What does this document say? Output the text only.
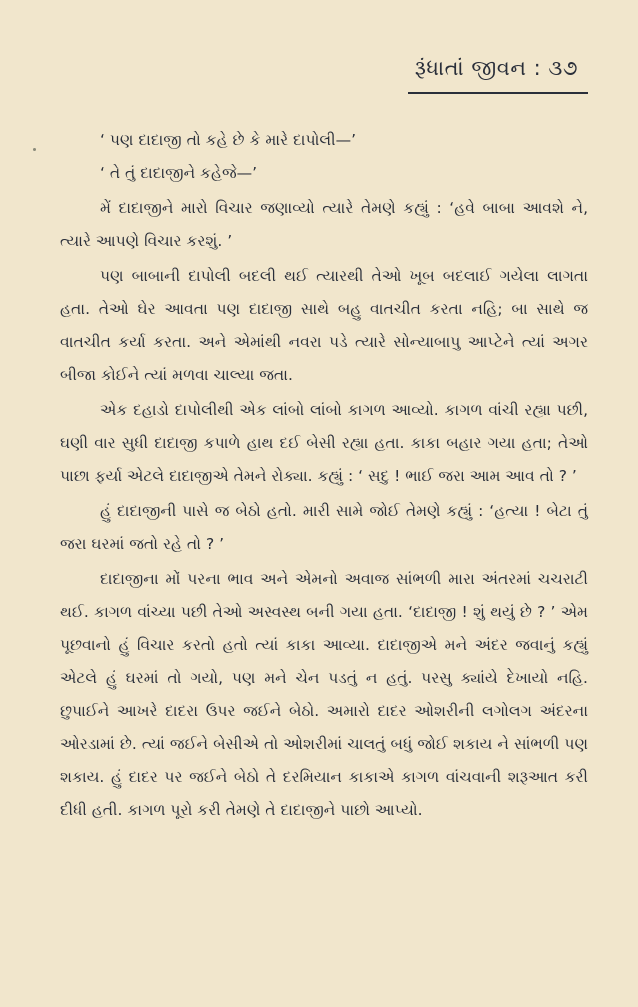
રૂંધાતાં જીવન : ૩૭

‘ પણ દાદાજી તો કહે છે કે મારે દાપોલી—’

‘ તે તું દાદાજીને કહેજે—’

મેં દાદાજીને મારો વિચાર જણાવ્યો ત્યારે તેમણે કહ્યું : ‘હવે બાબા આવશે ને, ત્યારે આપણે વિચાર કરશું. ’

પણ બાબાની દાપોલી બદલી થઈ ત્યારથી તેઓ ખૂબ બદલાઈ ગયેલા લાગતા હતા. તેઓ ઘેર આવતા પણ દાદાજી સાથે બહુ વાતચીત કરતા નહિ; બા સાથે જ વાતચીત કર્યા કરતા. અને એમાંથી નવરા પડે ત્યારે સોન્યાબાપુ આપ્ટેને ત્યાં અગર બીજા કોઈને ત્યાં મળવા ચાલ્યા જતા.

એક દહાડો દાપોલીથી એક લાંબો લાંબો કાગળ આવ્યો. કાગળ વાંચી રહ્યા પછી, ઘણી વાર સુધી દાદાજી કપાળે હાથ દઈ બેસી રહ્યા હતા. કાકા બહાર ગયા હતા; તેઓ પાછા ફર્યા એટલે દાદાજીએ તેમને રોક્યા. કહ્યું : ‘ સદુ ! ભાઈ જરા આમ આવ તો ? ’

હું દાદાજીની પાસે જ બેઠો હતો. મારી સામે જોઈ તેમણે કહ્યું : ‘હત્યા ! બેટા તું જરા ઘરમાં જતો રહે તો ? ’

દાદાજીના મોં પરના ભાવ અને એમનો અવાજ સાંભળી મારા અંતરમાં ચચરાટી થઈ. કાગળ વાંચ્યા પછી તેઓ અસ્વસ્થ બની ગયા હતા. ‘દાદાજી ! શું થયું છે ? ’ એમ પૂછવાનો હું વિચાર કરતો હતો ત્યાં કાકા આવ્યા. દાદાજીએ મને અંદર જવાનું કહ્યું એટલે હું ઘરમાં તો ગયો, પણ મને ચેન પડતું ન હતું. પરસુ ક્યાંયે દેખાયો નહિ. છુપાઈને આખરે દાદરા ઉપર જઈને બેઠો. અમારો દાદર ઓશરીની લગોલગ અંદરના ઓરડામાં છે. ત્યાં જઈને બેસીએ તો ઓશરીમાં ચાલતું બધું જોઈ શકાય ને સાંભળી પણ શકાય. હું દાદર પર જઈને બેઠો તે દરમિયાન કાકાએ કાગળ વાંચવાની શરૂઆત કરી દીધી હતી. કાગળ પૂરો કરી તેમણે તે દાદાજીને પાછો આપ્યો.
